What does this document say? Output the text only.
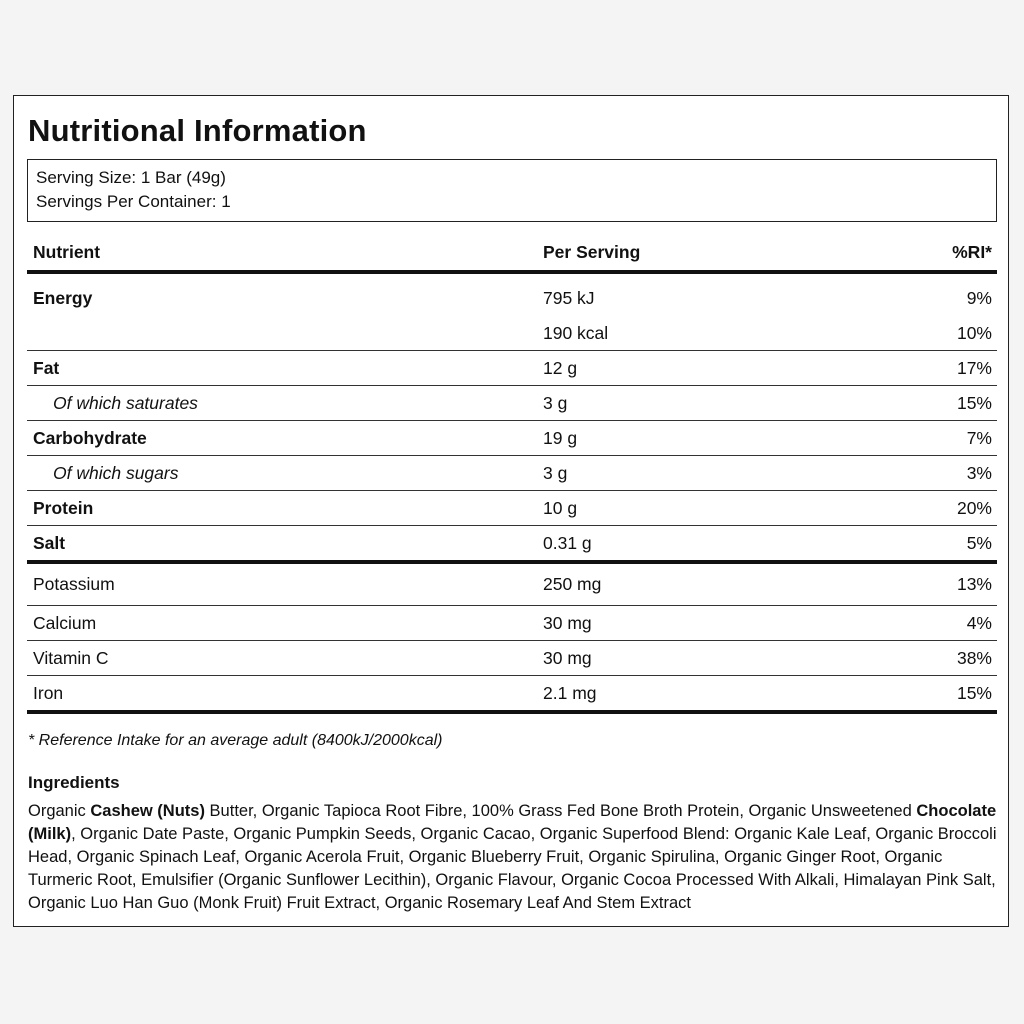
Nutritional Information
Serving Size: 1 Bar (49g)
Servings Per Container: 1
Nutrient	Per Serving	%RI*
Energy	795 kJ	9%
	190 kcal	10%
Fat	12 g	17%
Of which saturates	3 g	15%
Carbohydrate	19 g	7%
Of which sugars	3 g	3%
Protein	10 g	20%
Salt	0.31 g	5%
Potassium	250 mg	13%
Calcium	30 mg	4%
Vitamin C	30 mg	38%
Iron	2.1 mg	15%
* Reference Intake for an average adult (8400kJ/2000kcal)
Ingredients
Organic Cashew (Nuts) Butter, Organic Tapioca Root Fibre, 100% Grass Fed Bone Broth Protein, Organic Unsweetened Chocolate (Milk), Organic Date Paste, Organic Pumpkin Seeds, Organic Cacao, Organic Superfood Blend: Organic Kale Leaf, Organic Broccoli Head, Organic Spinach Leaf, Organic Acerola Fruit, Organic Blueberry Fruit, Organic Spirulina, Organic Ginger Root, Organic Turmeric Root, Emulsifier (Organic Sunflower Lecithin), Organic Flavour, Organic Cocoa Processed With Alkali, Himalayan Pink Salt, Organic Luo Han Guo (Monk Fruit) Fruit Extract, Organic Rosemary Leaf And Stem Extract
